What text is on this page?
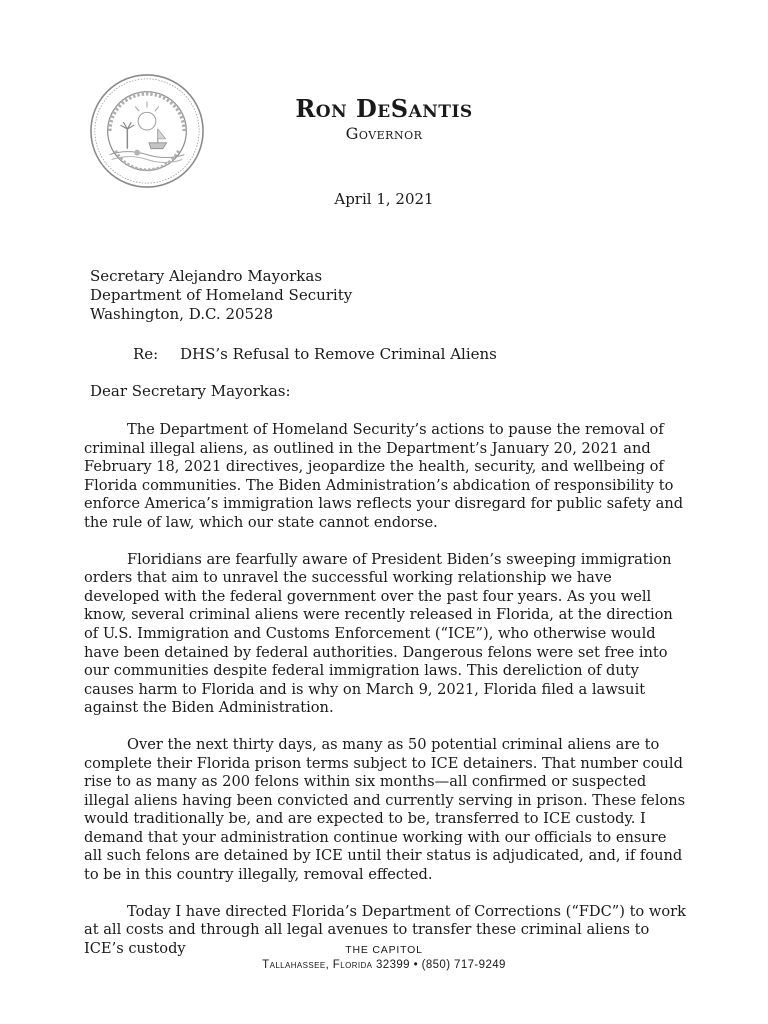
Ron DeSantis
Governor
April 1, 2021
Secretary Alejandro Mayorkas
Department of Homeland Security
Washington, D.C. 20528
Re: DHS’s Refusal to Remove Criminal Aliens
Dear Secretary Mayorkas:

The Department of Homeland Security’s actions to pause the removal of criminal illegal aliens, as outlined in the Department’s January 20, 2021 and February 18, 2021 directives, jeopardize the health, security, and wellbeing of Florida communities. The Biden Administration’s abdication of responsibility to enforce America’s immigration laws reflects your disregard for public safety and the rule of law, which our state cannot endorse.

Floridians are fearfully aware of President Biden’s sweeping immigration orders that aim to unravel the successful working relationship we have developed with the federal government over the past four years. As you well know, several criminal aliens were recently released in Florida, at the direction of U.S. Immigration and Customs Enforcement (“ICE”), who otherwise would have been detained by federal authorities. Dangerous felons were set free into our communities despite federal immigration laws. This dereliction of duty causes harm to Florida and is why on March 9, 2021, Florida filed a lawsuit against the Biden Administration.

Over the next thirty days, as many as 50 potential criminal aliens are to complete their Florida prison terms subject to ICE detainers. That number could rise to as many as 200 felons within six months—all confirmed or suspected illegal aliens having been convicted and currently serving in prison. These felons would traditionally be, and are expected to be, transferred to ICE custody. I demand that your administration continue working with our officials to ensure all such felons are detained by ICE until their status is adjudicated, and, if found to be in this country illegally, removal effected.

Today I have directed Florida’s Department of Corrections (“FDC”) to work at all costs and through all legal avenues to transfer these criminal aliens to ICE’s custody	THE CAPITOL
Tallahassee, Florida 32399 • (850) 717-9249
